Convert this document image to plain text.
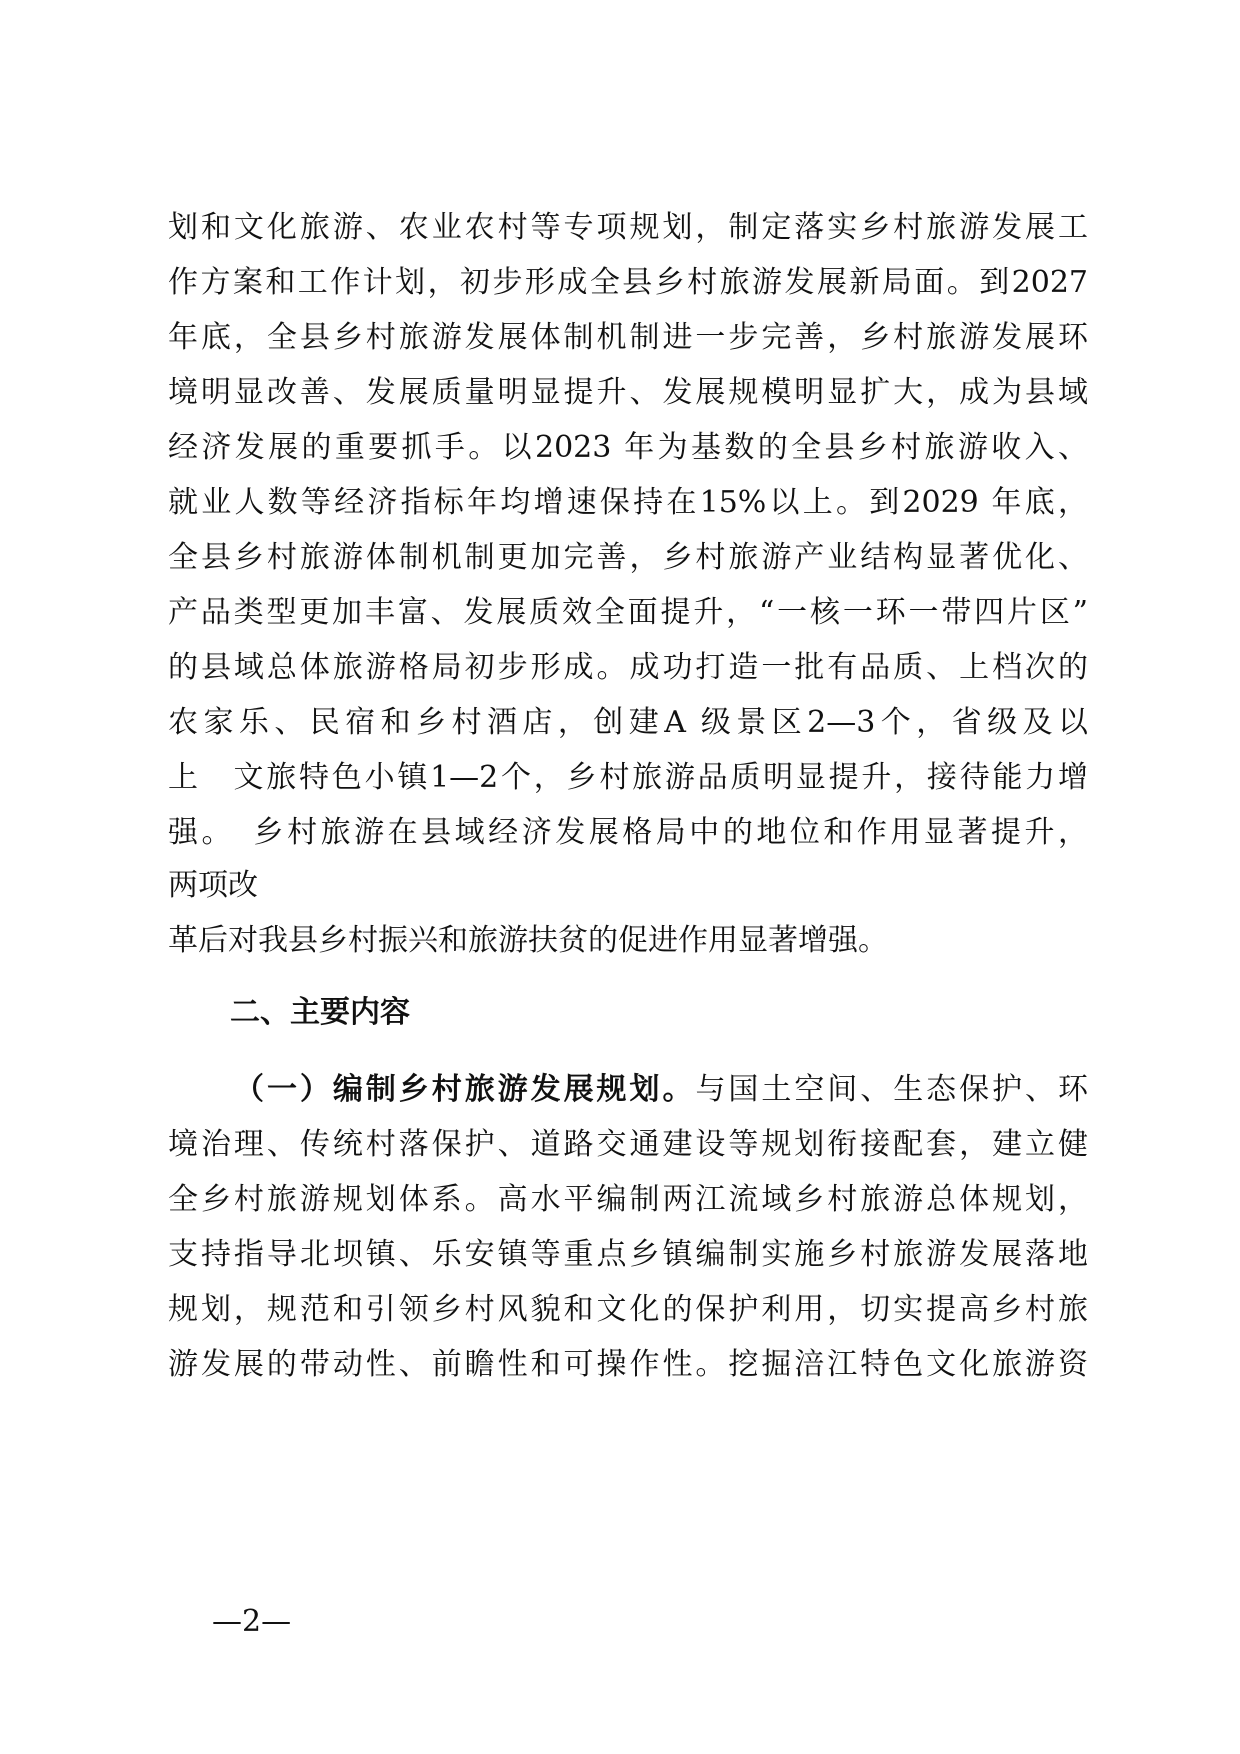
划和文化旅游、农业农村等专项规划，制定落实乡村旅游发展工
作方案和工作计划，初步形成全县乡村旅游发展新局面。到2027
年底，全县乡村旅游发展体制机制进一步完善，乡村旅游发展环
境明显改善、发展质量明显提升、发展规模明显扩大，成为县域
经济发展的重要抓手。以2023 年为基数的全县乡村旅游收入、
就业人数等经济指标年均增速保持在15%以上。到2029 年底，
全县乡村旅游体制机制更加完善，乡村旅游产业结构显著优化、
产品类型更加丰富、发展质效全面提升，“一核一环一带四片区”
的县域总体旅游格局初步形成。成功打造一批有品质、上档次的
农家乐、民宿和乡村酒店，创建A 级景区2—3个，省级及以
上　文旅特色小镇1—2个，乡村旅游品质明显提升，接待能力增
强。　乡村旅游在县域经济发展格局中的地位和作用显著提升，
两项改
革后对我县乡村振兴和旅游扶贫的促进作用显著增强。
二、主要内容
（一）编制乡村旅游发展规划。与国土空间、生态保护、环
境治理、传统村落保护、道路交通建设等规划衔接配套，建立健
全乡村旅游规划体系。高水平编制两江流域乡村旅游总体规划，
支持指导北坝镇、乐安镇等重点乡镇编制实施乡村旅游发展落地
规划，规范和引领乡村风貌和文化的保护利用，切实提高乡村旅
游发展的带动性、前瞻性和可操作性。挖掘涪江特色文化旅游资
—2—
